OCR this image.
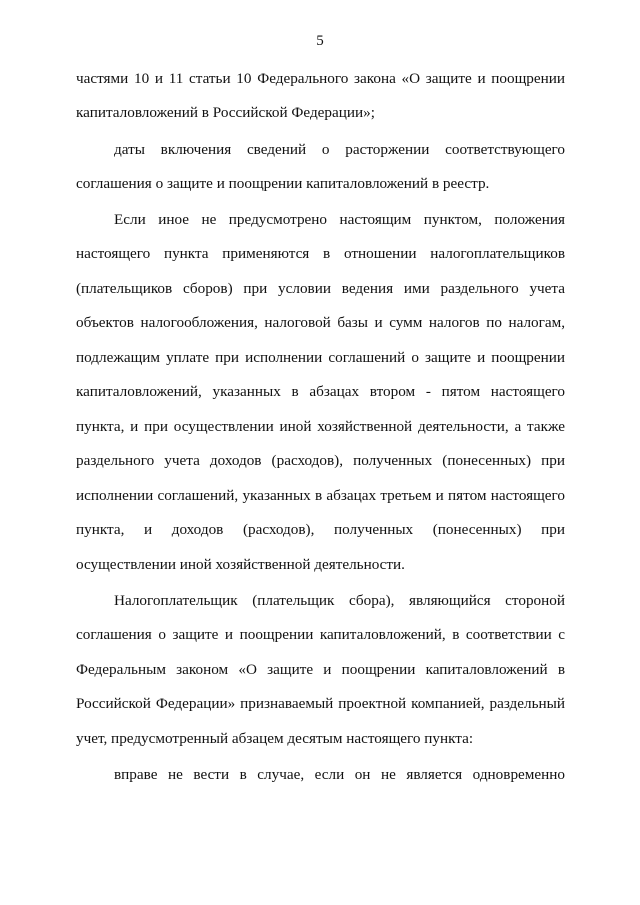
5
частями 10 и 11 статьи 10 Федерального закона «О защите и поощрении
капиталовложений в Российской Федерации»;
даты включения сведений о расторжении соответствующего
соглашения о защите и поощрении капиталовложений в реестр.
Если иное не предусмотрено настоящим пунктом, положения
настоящего пункта применяются в отношении налогоплательщиков
(плательщиков сборов) при условии ведения ими раздельного учета
объектов налогообложения, налоговой базы и сумм налогов по налогам,
подлежащим уплате при исполнении соглашений о защите и поощрении
капиталовложений, указанных в абзацах втором - пятом настоящего
пункта, и при осуществлении иной хозяйственной деятельности, а также
раздельного учета доходов (расходов), полученных (понесенных) при
исполнении соглашений, указанных в абзацах третьем и пятом настоящего
пункта, и доходов (расходов), полученных (понесенных) при
осуществлении иной хозяйственной деятельности.
Налогоплательщик (плательщик сбора), являющийся стороной
соглашения о защите и поощрении капиталовложений, в соответствии с
Федеральным законом «О защите и поощрении капиталовложений в
Российской Федерации» признаваемый проектной компанией, раздельный
учет, предусмотренный абзацем десятым настоящего пункта:
вправе не вести в случае, если он не является одновременно
